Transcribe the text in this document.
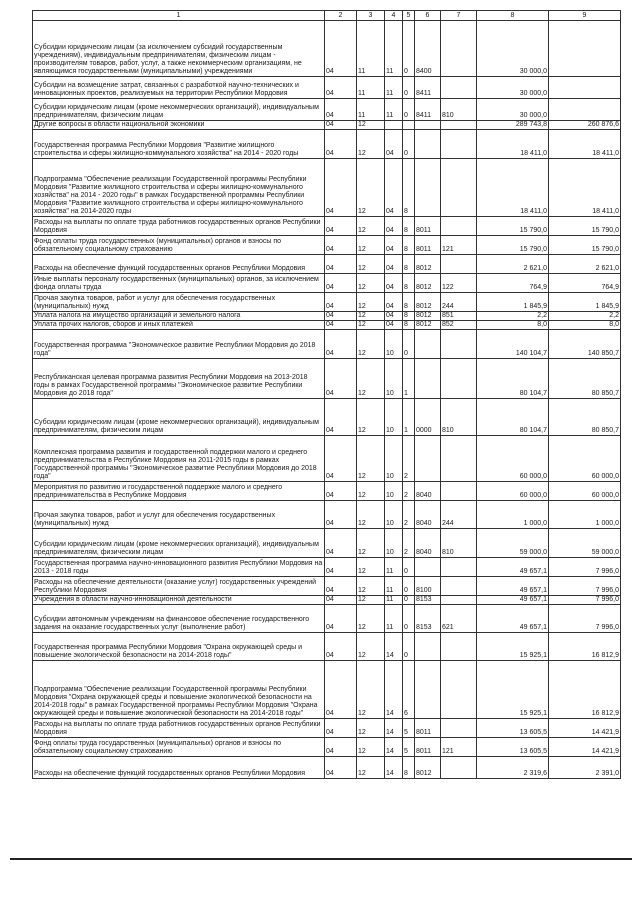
1	2	3	4	5	6	7	8	9
Субсидии юридическим лицам (за исключением субсидий государственным учреждениям), индивидуальным предпринимателям, физическим лицам - производителям товаров, работ, услуг, а также некоммерческим организациям, не являющимся государственными (муниципальными) учреждениями	04	11	11	0	8400		30 000,0	
Субсидии на возмещение затрат, связанных с разработкой научно-технических и инновационных проектов, реализуемых на территории Республики Мордовия	04	11	11	0	8411		30 000,0	
Субсидии юридическим лицам (кроме некоммерческих организаций), индивидуальным предпринимателям, физическим лицам	04	11	11	0	8411	810	30 000,0	
Другие вопросы в области национальной экономики	04	12					289 743,8	260 876,6
Государственная программа Республики Мордовия "Развитие жилищного строительства и сферы жилищно-коммунального хозяйства" на 2014 - 2020 годы	04	12	04	0			18 411,0	18 411,0
Подпрограмма "Обеспечение реализации Государственной программы Республики Мордовия "Развитие жилищного строительства и сферы жилищно-коммунального хозяйства" на 2014 - 2020 годы" в рамках Государственной программы Республики Мордовия "Развитие жилищного строительства и сферы жилищно-коммунального хозяйства" на 2014-2020 годы	04	12	04	8			18 411,0	18 411,0
Расходы на выплаты по оплате труда работников государственных органов Республики Мордовия	04	12	04	8	8011		15 790,0	15 790,0
Фонд оплаты труда государственных (муниципальных) органов и взносы по обязательному социальному страхованию	04	12	04	8	8011	121	15 790,0	15 790,0
Расходы на обеспечение функций государственных органов Республики Мордовия	04	12	04	8	8012		2 621,0	2 621,0
Иные выплаты персоналу государственных (муниципальных) органов, за исключением фонда оплаты труда	04	12	04	8	8012	122	764,9	764,9
Прочая закупка товаров, работ и услуг для обеспечения государственных (муниципальных) нужд	04	12	04	8	8012	244	1 845,9	1 845,9
Уплата налога на имущество организаций и земельного налога	04	12	04	8	8012	851	2,2	2,2
Уплата прочих налогов, сборов и иных платежей	04	12	04	8	8012	852	8,0	8,0
Государственная программа "Экономическое развитие Республики Мордовия до 2018 года"	04	12	10	0			140 104,7	140 850,7
Республиканская целевая программа развития Республики Мордовия на 2013-2018 годы в рамках Государственной программы "Экономическое развитие Республики Мордовия до 2018 года"	04	12	10	1			80 104,7	80 850,7
Субсидии юридическим лицам (кроме некоммерческих организаций), индивидуальным предпринимателям, физическим лицам	04	12	10	1	0000	810	80 104,7	80 850,7
Комплексная программа развития и государственной поддержки малого и среднего предпринимательства в Республике Мордовия на 2011-2015 годы в рамках Государственной программы "Экономическое развитие Республики Мордовия до 2018 года"	04	12	10	2			60 000,0	60 000,0
Мероприятия по развитию и государственной поддержке малого и среднего предпринимательства в Республике Мордовия	04	12	10	2	8040		60 000,0	60 000,0
Прочая закупка товаров, работ и услуг для обеспечения государственных (муниципальных) нужд	04	12	10	2	8040	244	1 000,0	1 000,0
Субсидии юридическим лицам (кроме некоммерческих организаций), индивидуальным предпринимателям, физическим лицам	04	12	10	2	8040	810	59 000,0	59 000,0
Государственная программа научно-инновационного развития Республики Мордовия на 2013 - 2018 годы	04	12	11	0			49 657,1	7 996,0
Расходы на обеспечение деятельности (оказание услуг) государственных учреждений Республики Мордовия	04	12	11	0	8100		49 657,1	7 996,0
Учреждения в области научно-инновационной деятельности	04	12	11	0	8153		49 657,1	7 996,0
Субсидии автономным учреждениям на финансовое обеспечение государственного задания на оказание государственных услуг (выполнение работ)	04	12	11	0	8153	621	49 657,1	7 996,0
Государственная программа Республики Мордовия "Охрана окружающей среды и повышение экологической безопасности на 2014-2018 годы"	04	12	14	0			15 925,1	16 812,9
Подпрограмма "Обеспечение реализации Государственной программы Республики Мордовия "Охрана окружающей среды и повышение экологической безопасности на 2014-2018 годы" в рамках Государственной программы Республики Мордовия "Охрана окружающей среды и повышение экологической безопасности на 2014-2018 годы"	04	12	14	6			15 925,1	16 812,9
Расходы на выплаты по оплате труда работников государственных органов Республики Мордовия	04	12	14	5	8011		13 605,5	14 421,9
Фонд оплаты труда государственных (муниципальных) органов и взносы по обязательному социальному страхованию	04	12	14	5	8011	121	13 605,5	14 421,9
Расходы на обеспечение функций государственных органов Республики Мордовия	04	12	14	8	8012		2 319,6	2 391,0
